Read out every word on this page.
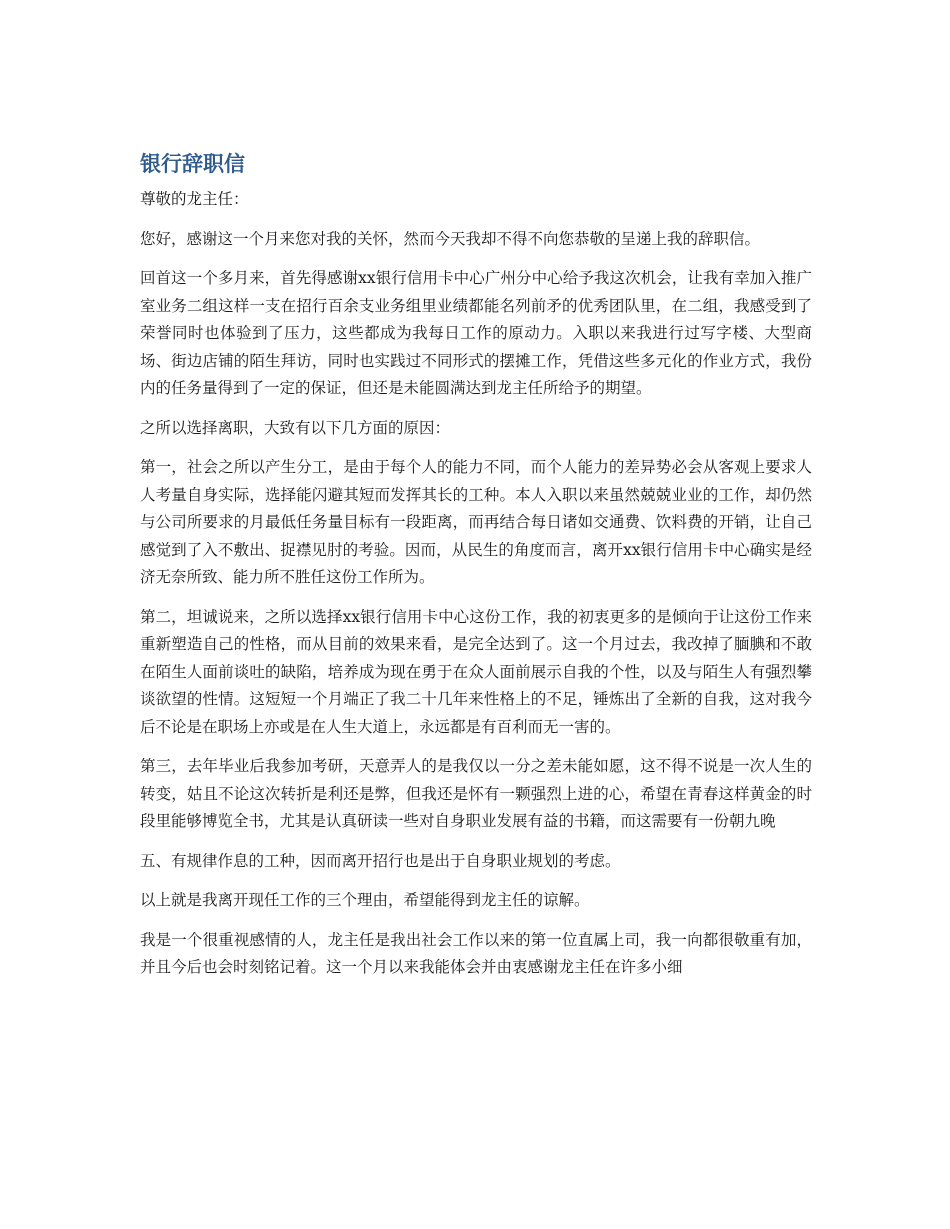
银行辞职信

尊敬的龙主任：

您好，感谢这一个月来您对我的关怀，然而今天我却不得不向您恭敬的呈递上我的辞职信。

回首这一个多月来，首先得感谢xx银行信用卡中心广州分中心给予我这次机会，让我有幸加入推广室业务二组这样一支在招行百余支业务组里业绩都能名列前矛的优秀团队里，在二组，我感受到了荣誉同时也体验到了压力，这些都成为我每日工作的原动力。入职以来我进行过写字楼、大型商场、街边店铺的陌生拜访，同时也实践过不同形式的摆摊工作，凭借这些多元化的作业方式，我份内的任务量得到了一定的保证，但还是未能圆满达到龙主任所给予的期望。

之所以选择离职，大致有以下几方面的原因：

第一，社会之所以产生分工，是由于每个人的能力不同，而个人能力的差异势必会从客观上要求人人考量自身实际，选择能闪避其短而发挥其长的工种。本人入职以来虽然兢兢业业的工作，却仍然与公司所要求的月最低任务量目标有一段距离，而再结合每日诸如交通费、饮料费的开销，让自己感觉到了入不敷出、捉襟见肘的考验。因而，从民生的角度而言，离开xx银行信用卡中心确实是经济无奈所致、能力所不胜任这份工作所为。

第二，坦诚说来，之所以选择xx银行信用卡中心这份工作，我的初衷更多的是倾向于让这份工作来重新塑造自己的性格，而从目前的效果来看，是完全达到了。这一个月过去，我改掉了腼腆和不敢在陌生人面前谈吐的缺陷，培养成为现在勇于在众人面前展示自我的个性，以及与陌生人有强烈攀谈欲望的性情。这短短一个月端正了我二十几年来性格上的不足，锤炼出了全新的自我，这对我今后不论是在职场上亦或是在人生大道上，永远都是有百利而无一害的。

第三，去年毕业后我参加考研，天意弄人的是我仅以一分之差未能如愿，这不得不说是一次人生的转变，姑且不论这次转折是利还是弊，但我还是怀有一颗强烈上进的心，希望在青春这样黄金的时段里能够博览全书，尤其是认真研读一些对自身职业发展有益的书籍，而这需要有一份朝九晚

五、有规律作息的工种，因而离开招行也是出于自身职业规划的考虑。

以上就是我离开现任工作的三个理由，希望能得到龙主任的谅解。

我是一个很重视感情的人，龙主任是我出社会工作以来的第一位直属上司，我一向都很敬重有加，并且今后也会时刻铭记着。这一个月以来我能体会并由衷感谢龙主任在许多小细
